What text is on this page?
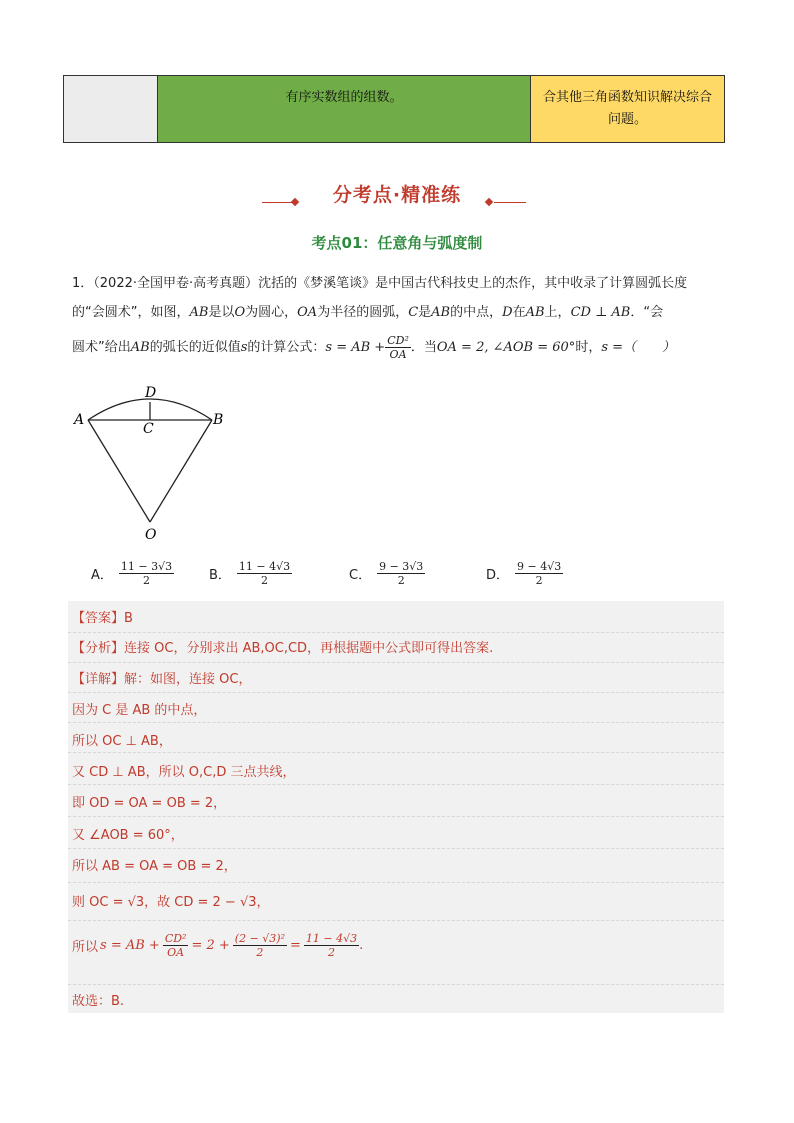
有序实数组的组数。	合其他三角函数知识解决综合问题。
分考点·精准练
考点01：任意角与弧度制
1．（2022·全国甲卷·高考真题）沈括的《梦溪笔谈》是中国古代科技史上的杰作，其中收录了计算圆弧长度
的“会圆术”，如图，AB是以O为圆心，OA为半径的圆弧，C是AB的中点，D在AB上，CD ⊥ AB．“会
圆术”给出AB的弧长的近似值s的计算公式：s = AB + $\frac{\text{CD²}}{OA}$ ．当OA = 2, ∠AOB = 60°时，s =（　　）
D
C
A	B
O
A． $\frac{11 - 3√3}{2}$	B． $\frac{11 - 4√3}{2}$	C． $\frac{9 - 3√3}{2}$	D． $\frac{9 - 4√3}{2}$
【答案】B
【分析】连接 OC，分别求出 AB,OC,CD，再根据题中公式即可得出答案.
【详解】解：如图，连接 OC，
因为 C 是 AB 的中点，
所以 OC ⊥ AB，
又 CD ⊥ AB，所以 O,C,D 三点共线，
即 OD = OA = OB = 2，
又 ∠AOB = 60°，
所以 AB = OA = OB = 2，
则 OC = √3，故 CD = 2 − √3，
所以 s = AB + $\frac{\text{CD²}}{OA} = 2 + \frac{\text{(2 − √3)²}}{2} = \frac{11 - 4√3}{2}$ .
故选：B.
